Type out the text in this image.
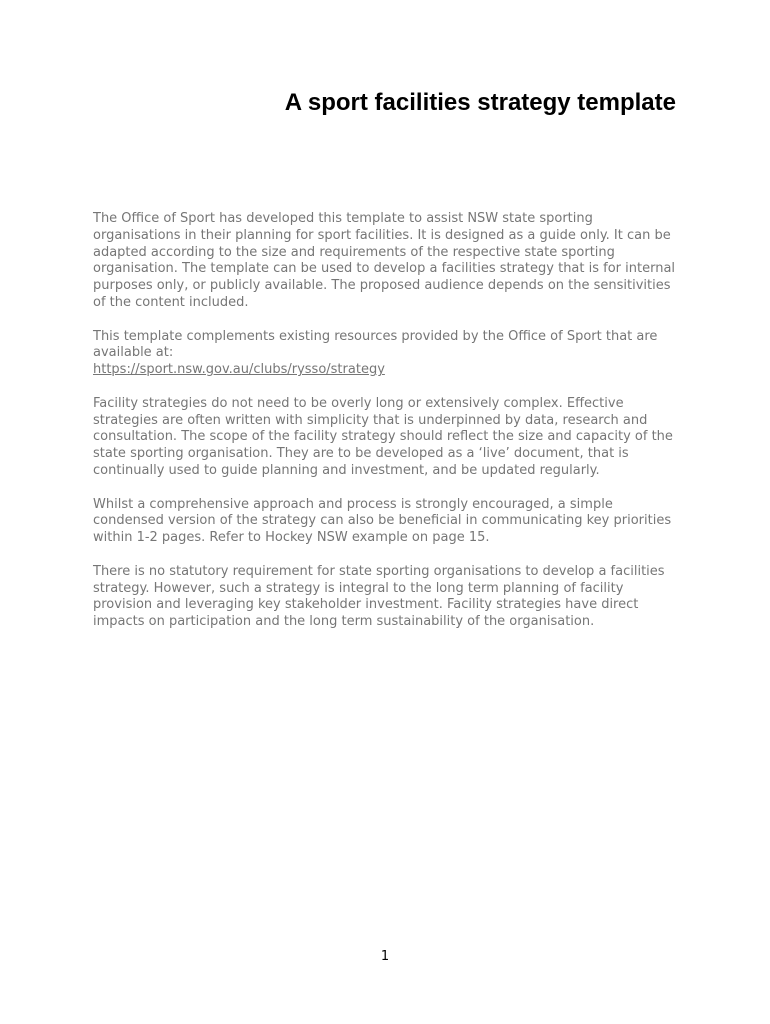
A sport facilities strategy template

The Office of Sport has developed this template to assist NSW state sporting organisations in their planning for sport facilities. It is designed as a guide only. It can be adapted according to the size and requirements of the respective state sporting organisation. The template can be used to develop a facilities strategy that is for internal purposes only, or publicly available. The proposed audience depends on the sensitivities of the content included.

This template complements existing resources provided by the Office of Sport that are available at:
https://sport.nsw.gov.au/clubs/rysso/strategy

Facility strategies do not need to be overly long or extensively complex. Effective strategies are often written with simplicity that is underpinned by data, research and consultation. The scope of the facility strategy should reflect the size and capacity of the state sporting organisation. They are to be developed as a ‘live’ document, that is continually used to guide planning and investment, and be updated regularly.

Whilst a comprehensive approach and process is strongly encouraged, a simple condensed version of the strategy can also be beneficial in communicating key priorities within 1-2 pages. Refer to Hockey NSW example on page 15.

There is no statutory requirement for state sporting organisations to develop a facilities strategy. However, such a strategy is integral to the long term planning of facility provision and leveraging key stakeholder investment. Facility strategies have direct impacts on participation and the long term sustainability of the organisation.

1
